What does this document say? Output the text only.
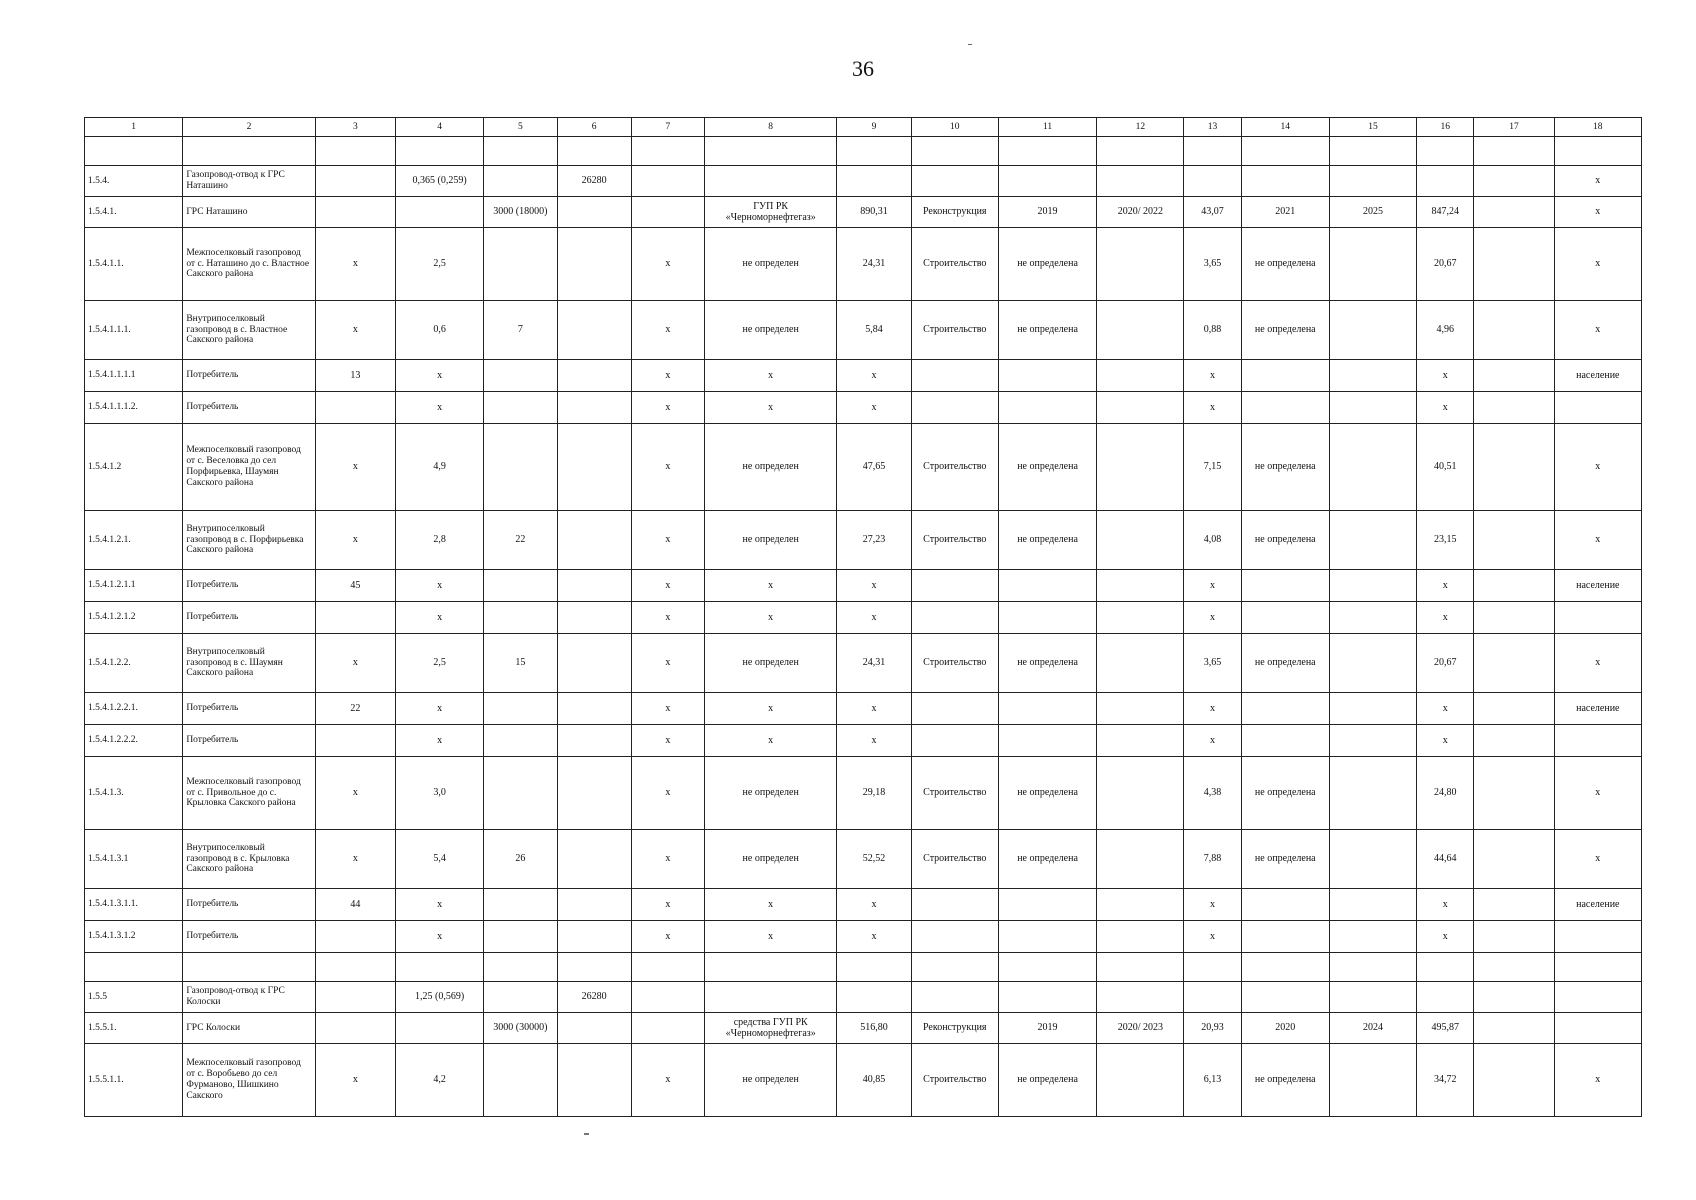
36
1	2	3	4	5	6	7	8	9	10	11	12	13	14	15	16	17	18

1.5.4.	Газопровод-отвод к ГРС Наташино		0,365 (0,259)		26280												х
1.5.4.1.	ГРС Наташино			3000 (18000)			ГУП РК «Черноморнефтегаз»	890,31	Реконструкция	2019	2020/ 2022	43,07	2021	2025	847,24		х
1.5.4.1.1.	Межпоселковый газопровод от с. Наташино до с. Властное Сакского района	х	2,5			х	не определен	24,31	Строительство	не определена		3,65	не определена		20,67		х
1.5.4.1.1.1.	Внутрипоселковый газопровод в с. Властное Сакского района	х	0,6	7		х	не определен	5,84	Строительство	не определена		0,88	не определена		4,96		х
1.5.4.1.1.1.1	Потребитель	13	х			х	х	х				х			х		население
1.5.4.1.1.1.2.	Потребитель		х			х	х	х				х			х		
1.5.4.1.2	Межпоселковый газопровод от с. Веселовка до сел Порфирьевка, Шаумян Сакского района	х	4,9			х	не определен	47,65	Строительство	не определена		7,15	не определена		40,51		х
1.5.4.1.2.1.	Внутрипоселковый газопровод в с. Порфирьевка Сакского района	х	2,8	22		х	не определен	27,23	Строительство	не определена		4,08	не определена		23,15		х
1.5.4.1.2.1.1	Потребитель	45	х			х	х	х				х			х		население
1.5.4.1.2.1.2	Потребитель		х			х	х	х				х			х		
1.5.4.1.2.2.	Внутрипоселковый газопровод в с. Шаумян Сакского района	х	2,5	15		х	не определен	24,31	Строительство	не определена		3,65	не определена		20,67		х
1.5.4.1.2.2.1.	Потребитель	22	х			х	х	х				х			х		население
1.5.4.1.2.2.2.	Потребитель		х			х	х	х				х			х		
1.5.4.1.3.	Межпоселковый газопровод от с. Привольное до с. Крыловка Сакского района	х	3,0			х	не определен	29,18	Строительство	не определена		4,38	не определена		24,80		х
1.5.4.1.3.1	Внутрипоселковый газопровод в с. Крыловка Сакского района	х	5,4	26		х	не определен	52,52	Строительство	не определена		7,88	не определена		44,64		х
1.5.4.1.3.1.1.	Потребитель	44	х			х	х	х				х			х		население
1.5.4.1.3.1.2	Потребитель		х			х	х	х				х			х		

1.5.5	Газопровод-отвод к ГРС Колоски		1,25 (0,569)		26280												
1.5.5.1.	ГРС Колоски			3000 (30000)			средства ГУП РК «Черноморнефтегаз»	516,80	Реконструкция	2019	2020/ 2023	20,93	2020	2024	495,87		
1.5.5.1.1.	Межпоселковый газопровод от с. Воробьево до сел Фурманово, Шишкино Сакского	х	4,2			х	не определен	40,85	Строительство	не определена		6,13	не определена		34,72		х
